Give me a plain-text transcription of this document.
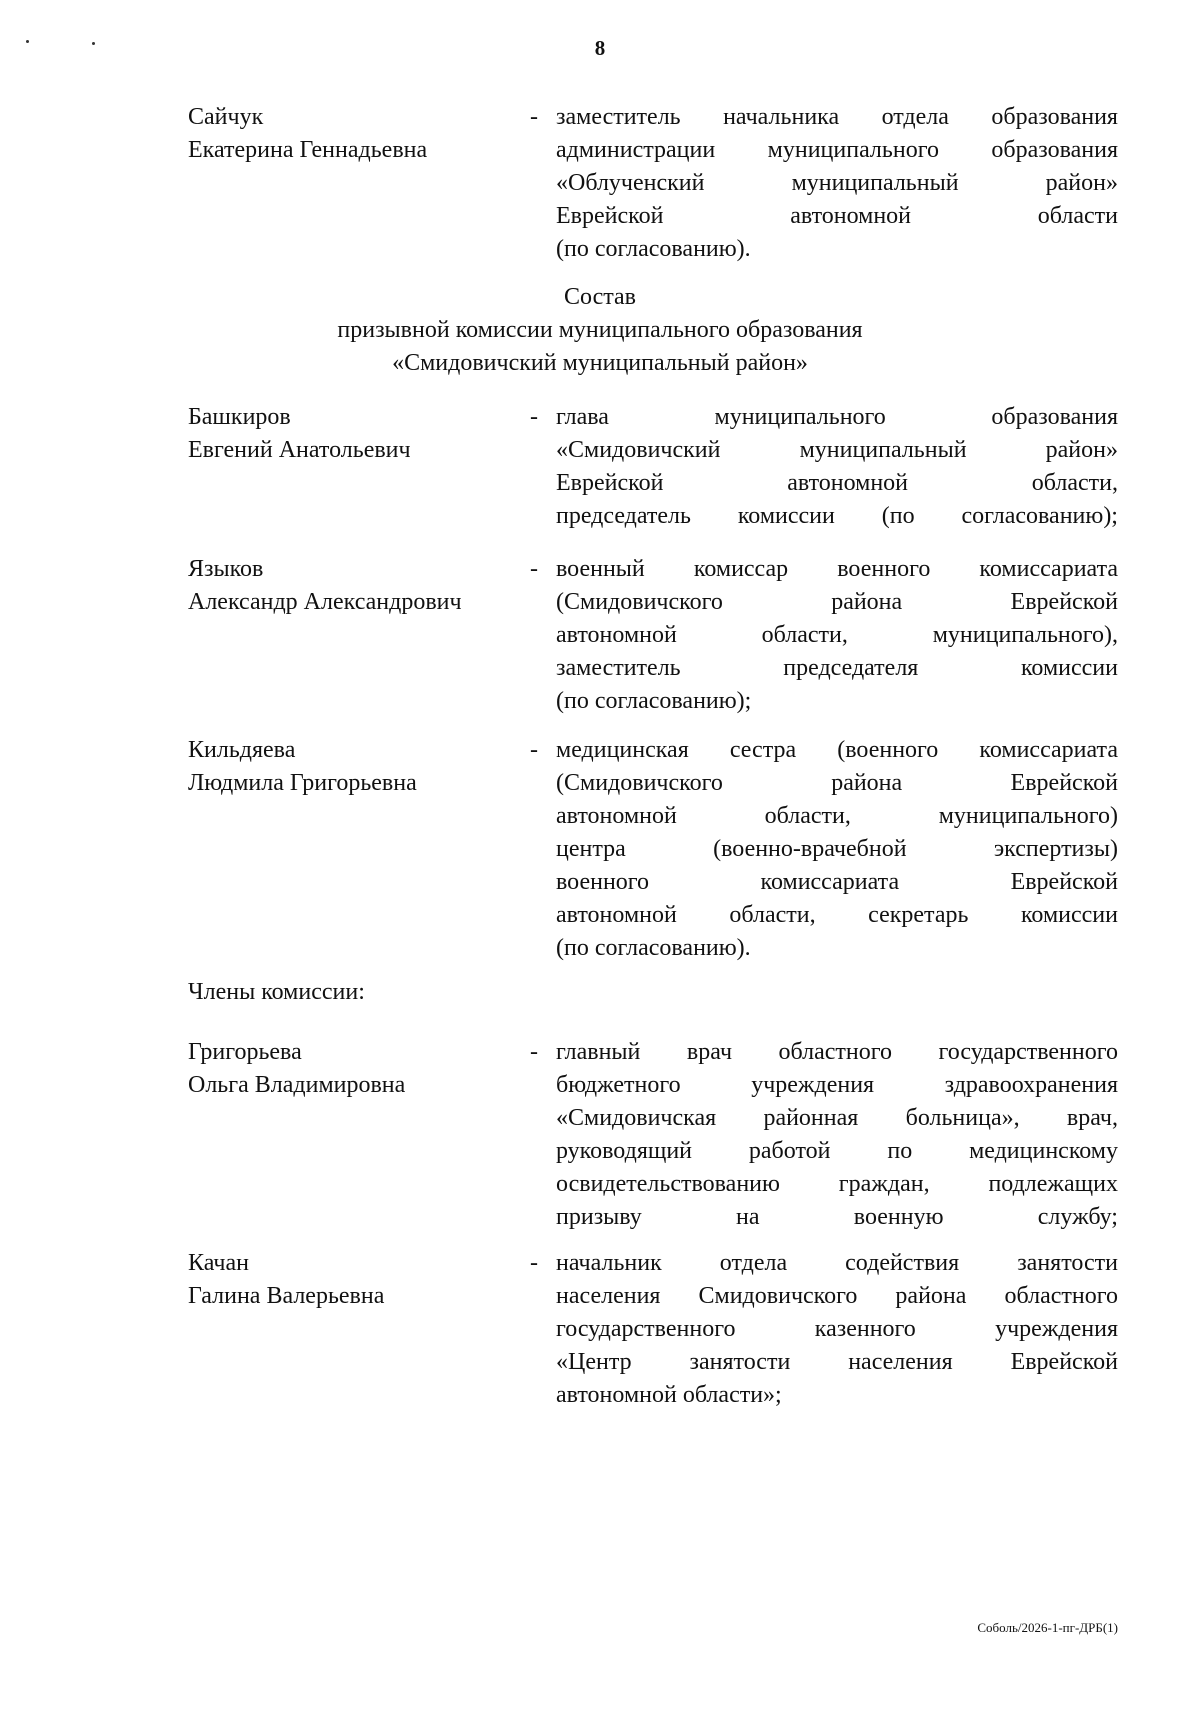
8
Сайчук
Екатерина Геннадьевна
- заместитель начальника отдела образования
администрации муниципального образования
«Облученский	муниципальный	район»
Еврейской	автономной	области
(по согласованию).
Состав
призывной комиссии муниципального образования
«Смидовичский муниципальный район»
Башкиров
Евгений Анатольевич
- глава	муниципального	образования
«Смидовичский	муниципальный	район»
Еврейской	автономной	области,
председатель комиссии (по согласованию);
Языков
Александр Александрович
- военный комиссар военного комиссариата
(Смидовичского	района	Еврейской
автономной	области,	муниципального),
заместитель	председателя	комиссии
(по согласованию);
Кильдяева
Людмила Григорьевна
- медицинская сестра (военного комиссариата
(Смидовичского	района	Еврейской
автономной	области,	муниципального)
центра	(военно-врачебной	экспертизы)
военного	комиссариата	Еврейской
автономной области, секретарь комиссии
(по согласованию).
Члены комиссии:
Григорьева
Ольга Владимировна
- главный врач областного государственного
бюджетного	учреждения	здравоохранения
«Смидовичская районная больница», врач,
руководящий работой по медицинскому
освидетельствованию граждан, подлежащих
призыву	на	военную	службу;
Качан
Галина Валерьевна
- начальник отдела содействия занятости
населения Смидовичского района областного
государственного	казенного	учреждения
«Центр занятости населения Еврейской
автономной области»;
Соболь/2026-1-пг-ДРБ(1)
